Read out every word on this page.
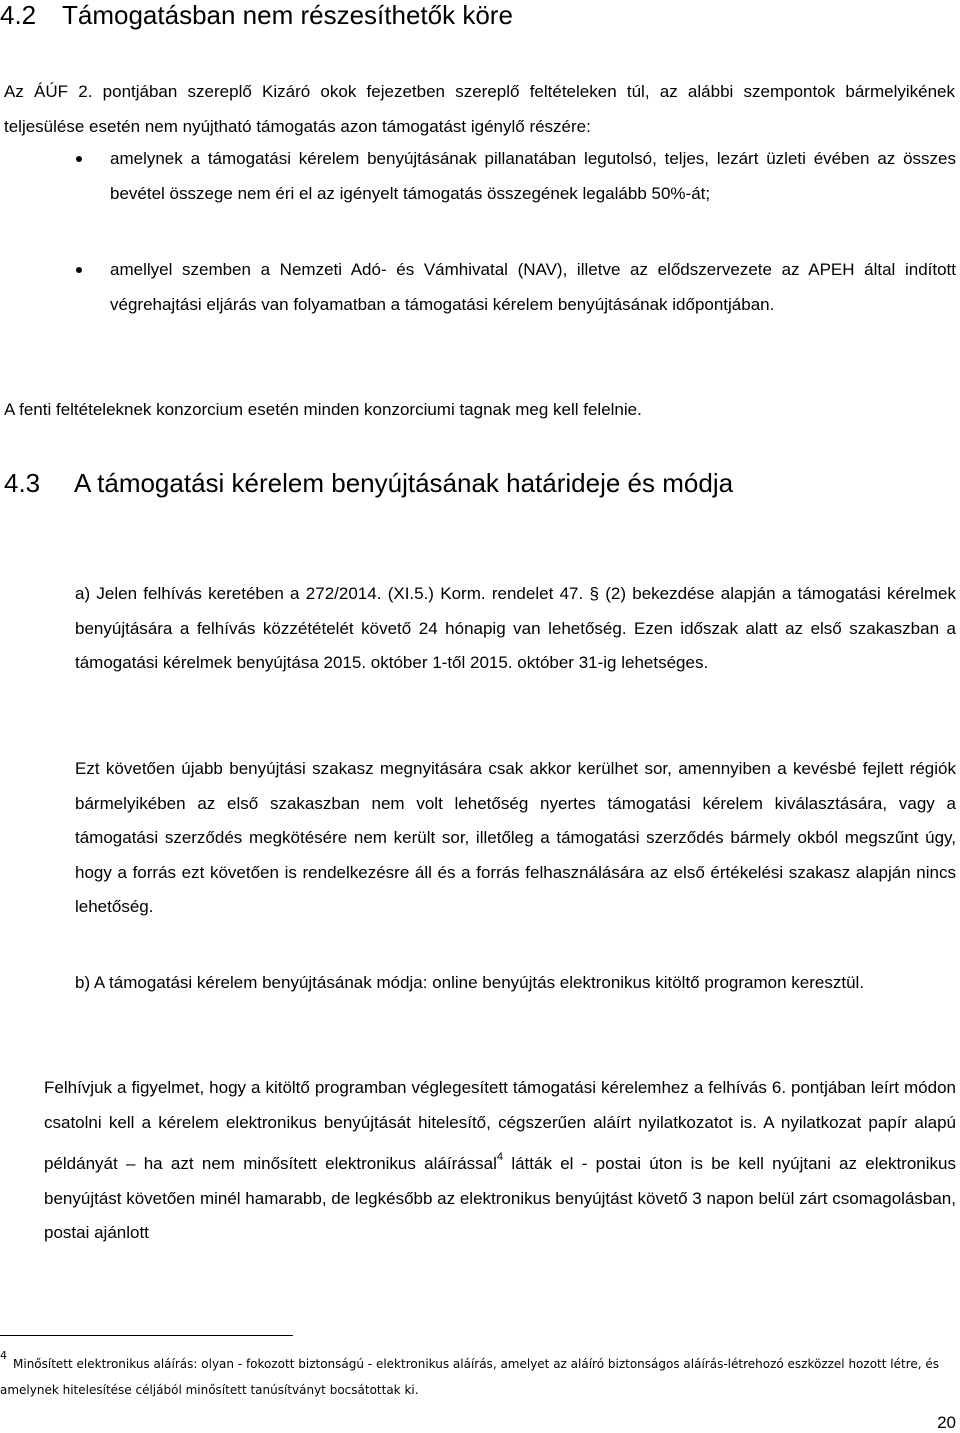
4.2 Támogatásban nem részesíthetők köre

Az ÁÚF 2. pontjában szereplő Kizáró okok fejezetben szereplő feltételeken túl, az alábbi szempontok bármelyikének teljesülése esetén nem nyújtható támogatás azon támogatást igénylő részére:

amelynek a támogatási kérelem benyújtásának pillanatában legutolsó, teljes, lezárt üzleti évében az összes bevétel összege nem éri el az igényelt támogatás összegének legalább 50%-át;
amellyel szemben a Nemzeti Adó- és Vámhivatal (NAV), illetve az elődszervezete az APEH által indított végrehajtási eljárás van folyamatban a támogatási kérelem benyújtásának időpontjában.

A fenti feltételeknek konzorcium esetén minden konzorciumi tagnak meg kell felelnie.

4.3 A támogatási kérelem benyújtásának határideje és módja

a) Jelen felhívás keretében a 272/2014. (XI.5.) Korm. rendelet 47. § (2) bekezdése alapján a támogatási kérelmek benyújtására a felhívás közzétételét követő 24 hónapig van lehetőség. Ezen időszak alatt az első szakaszban a támogatási kérelmek benyújtása 2015. október 1-től 2015. október 31-ig lehetséges.

Ezt követően újabb benyújtási szakasz megnyitására csak akkor kerülhet sor, amennyiben a kevésbé fejlett régiók bármelyikében az első szakaszban nem volt lehetőség nyertes támogatási kérelem kiválasztására, vagy a támogatási szerződés megkötésére nem került sor, illetőleg a támogatási szerződés bármely okból megszűnt úgy, hogy a forrás ezt követően is rendelkezésre áll és a forrás felhasználására az első értékelési szakasz alapján nincs lehetőség.

b) A támogatási kérelem benyújtásának módja: online benyújtás elektronikus kitöltő programon keresztül.

Felhívjuk a figyelmet, hogy a kitöltő programban véglegesített támogatási kérelemhez a felhívás 6. pontjában leírt módon csatolni kell a kérelem elektronikus benyújtását hitelesítő, cégszerűen aláírt nyilatkozatot is. A nyilatkozat papír alapú példányát – ha azt nem minősített elektronikus aláírással$^4$ látták el - postai úton is be kell nyújtani az elektronikus benyújtást követően minél hamarabb, de legkésőbb az elektronikus benyújtást követő 3 napon belül zárt csomagolásban, postai ajánlott

$^4$Minősített elektronikus aláírás: olyan - fokozott biztonságú - elektronikus aláírás, amelyet az aláíró biztonságos aláírás-létrehozó eszközzel hozott létre, és amelynek hitelesítése céljából minősített tanúsítványt bocsátottak ki.
20
